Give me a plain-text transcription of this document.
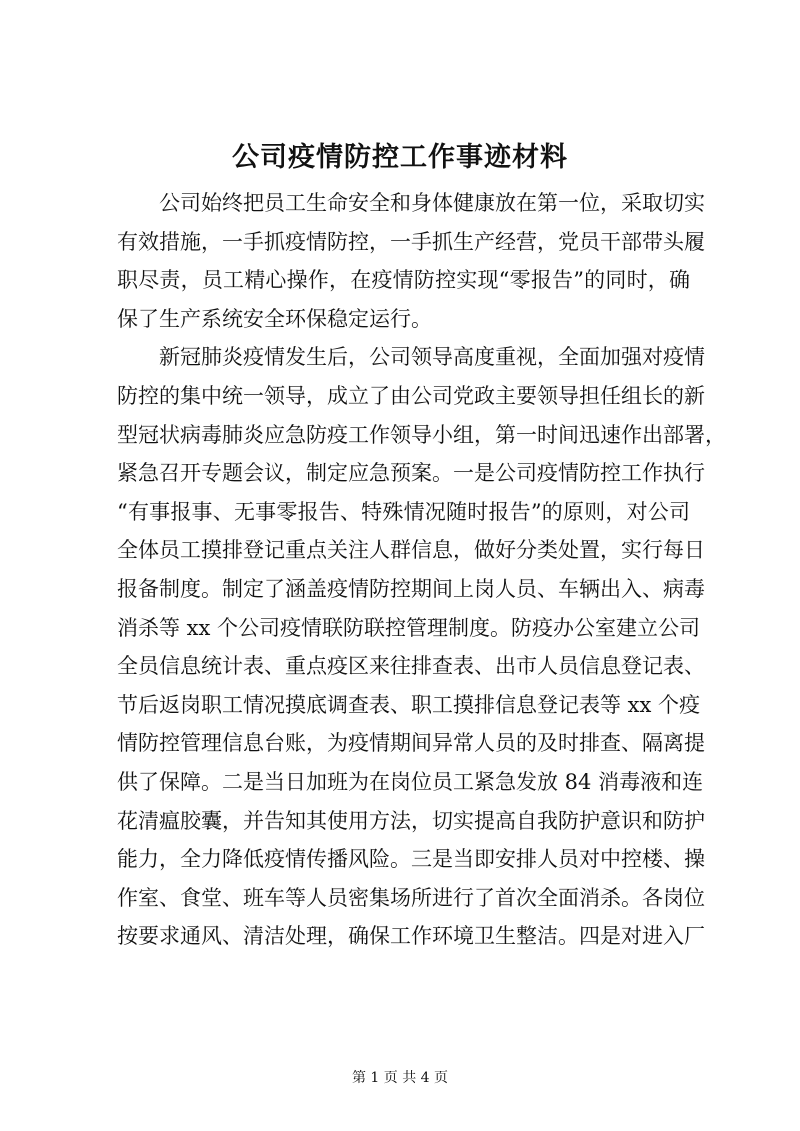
公司疫情防控工作事迹材料
公司始终把员工生命安全和身体健康放在第一位，采取切实
有效措施，一手抓疫情防控，一手抓生产经营，党员干部带头履
职尽责，员工精心操作，在疫情防控实现“零报告”的同时，确
保了生产系统安全环保稳定运行。
新冠肺炎疫情发生后，公司领导高度重视，全面加强对疫情
防控的集中统一领导，成立了由公司党政主要领导担任组长的新
型冠状病毒肺炎应急防疫工作领导小组，第一时间迅速作出部署，
紧急召开专题会议，制定应急预案。一是公司疫情防控工作执行
“有事报事、无事零报告、特殊情况随时报告”的原则，对公司
全体员工摸排登记重点关注人群信息，做好分类处置，实行每日
报备制度。制定了涵盖疫情防控期间上岗人员、车辆出入、病毒
消杀等 xx 个公司疫情联防联控管理制度。防疫办公室建立公司
全员信息统计表、重点疫区来往排查表、出市人员信息登记表、
节后返岗职工情况摸底调查表、职工摸排信息登记表等 xx 个疫
情防控管理信息台账，为疫情期间异常人员的及时排查、隔离提
供了保障。二是当日加班为在岗位员工紧急发放 84 消毒液和连
花清瘟胶囊，并告知其使用方法，切实提高自我防护意识和防护
能力，全力降低疫情传播风险。三是当即安排人员对中控楼、操
作室、食堂、班车等人员密集场所进行了首次全面消杀。各岗位
按要求通风、清洁处理，确保工作环境卫生整洁。四是对进入厂
第 1 页 共 4 页
